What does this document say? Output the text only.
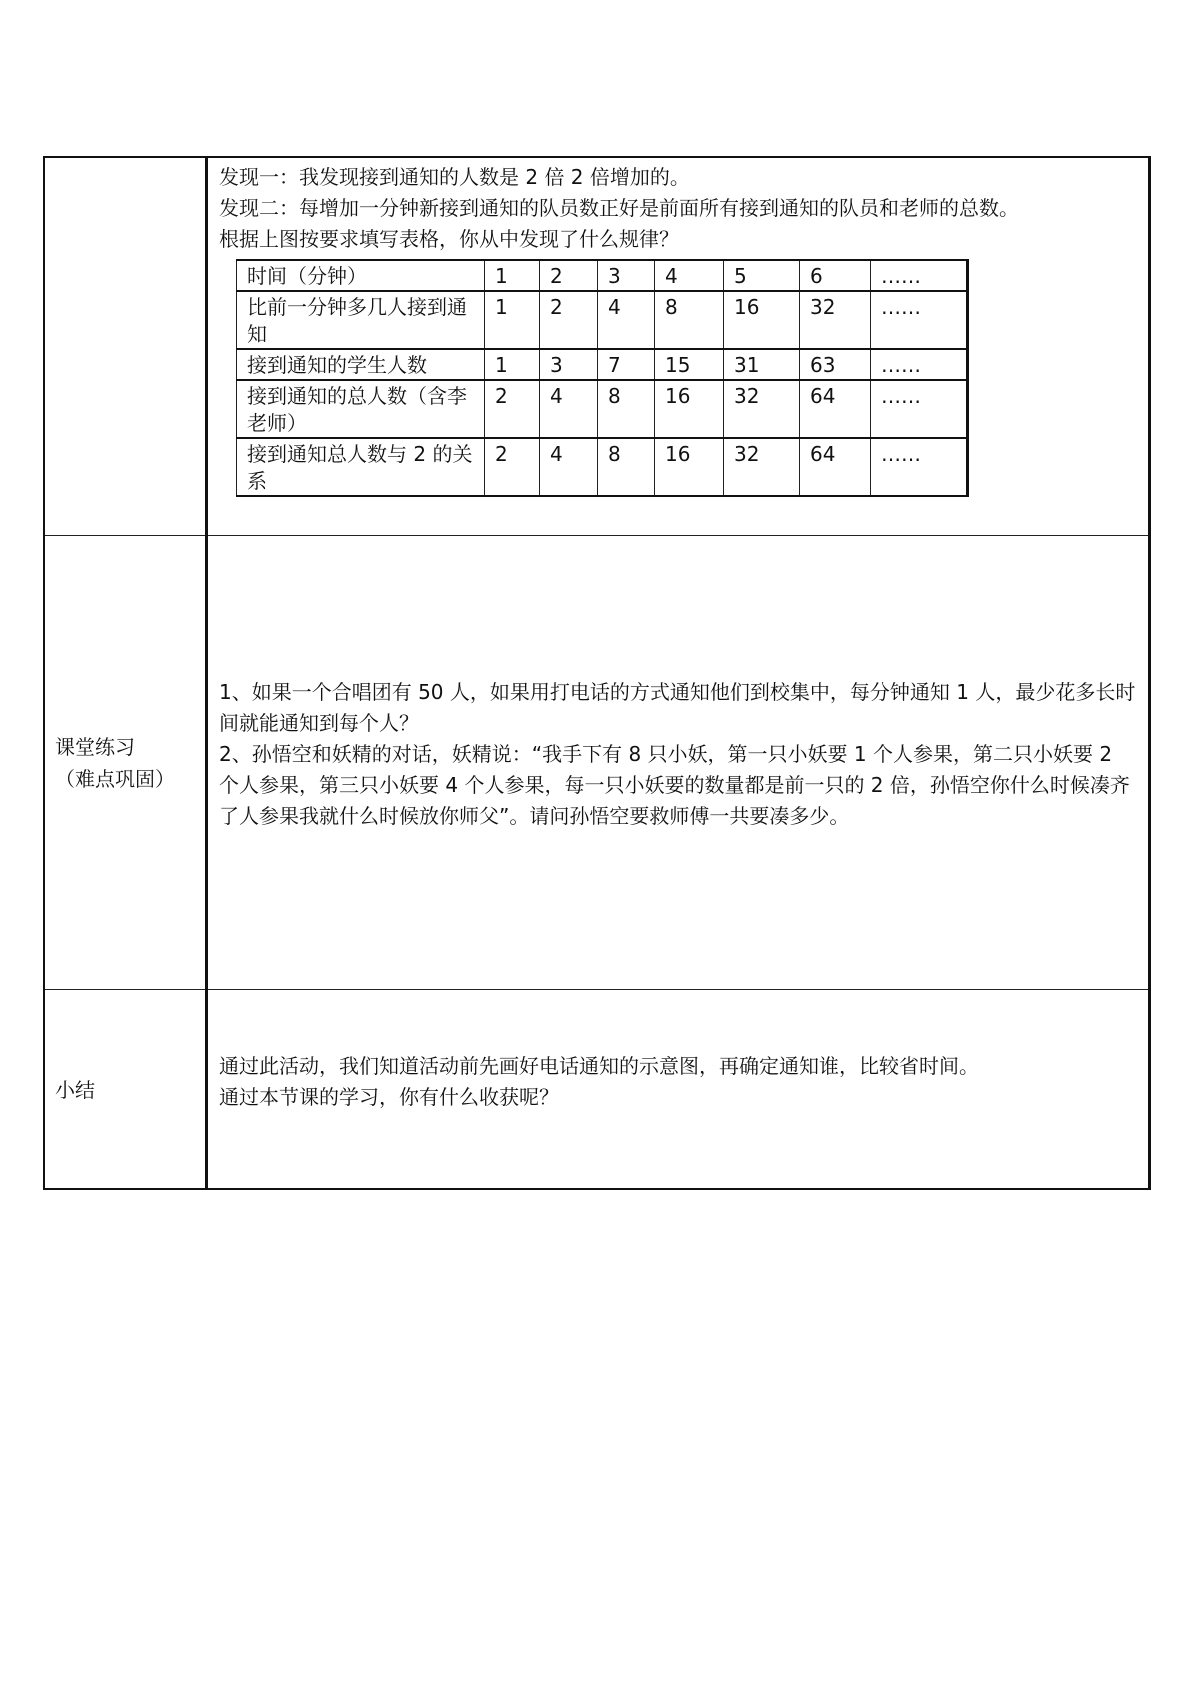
发现一：我发现接到通知的人数是 2 倍 2 倍增加的。

发现二：每增加一分钟新接到通知的队员数正好是前面所有接到通知的队员和老师的总数。

根据上图按要求填写表格，你从中发现了什么规律？

时间（分钟）	1	2	3	4	5	6	……
比前一分钟多几人接到通知	1	2	4	8	16	32	……
接到通知的学生人数	1	3	7	15	31	63	……
接到通知的总人数（含李老师）	2	4	8	16	32	64	……
接到通知总人数与 2 的关系	2	4	8	16	32	64	……

课堂练习
（难点巩固）

1、如果一个合唱团有 50 人，如果用打电话的方式通知他们到校集中，每分钟通知 1 人，最少花多长时间就能通知到每个人？

2、孙悟空和妖精的对话，妖精说：“我手下有 8 只小妖，第一只小妖要 1 个人参果，第二只小妖要 2 个人参果，第三只小妖要 4 个人参果，每一只小妖要的数量都是前一只的 2 倍，孙悟空你什么时候凑齐了人参果我就什么时候放你师父”。请问孙悟空要救师傅一共要凑多少。

小结

通过此活动，我们知道活动前先画好电话通知的示意图，再确定通知谁，比较省时间。

通过本节课的学习，你有什么收获呢？
